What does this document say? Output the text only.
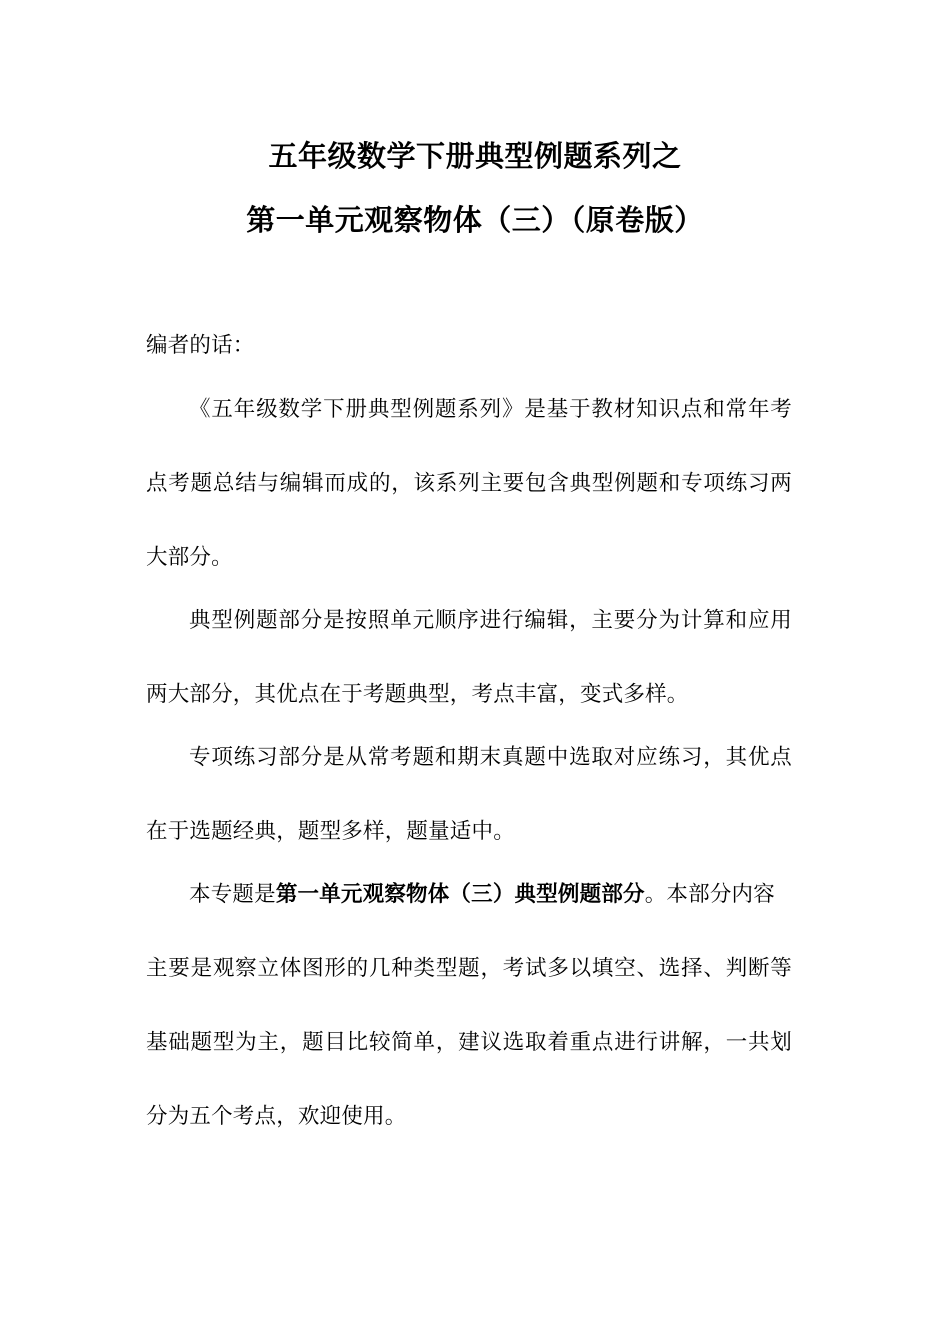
五年级数学下册典型例题系列之
第一单元观察物体（三）（原卷版）
编者的话：
《五年级数学下册典型例题系列》是基于教材知识点和常年考
点考题总结与编辑而成的，该系列主要包含典型例题和专项练习两
大部分。
典型例题部分是按照单元顺序进行编辑，主要分为计算和应用
两大部分，其优点在于考题典型，考点丰富，变式多样。
专项练习部分是从常考题和期末真题中选取对应练习，其优点
在于选题经典，题型多样，题量适中。
本专题是第一单元观察物体（三）典型例题部分。本部分内容
主要是观察立体图形的几种类型题，考试多以填空、选择、判断等
基础题型为主，题目比较简单，建议选取着重点进行讲解，一共划
分为五个考点，欢迎使用。
